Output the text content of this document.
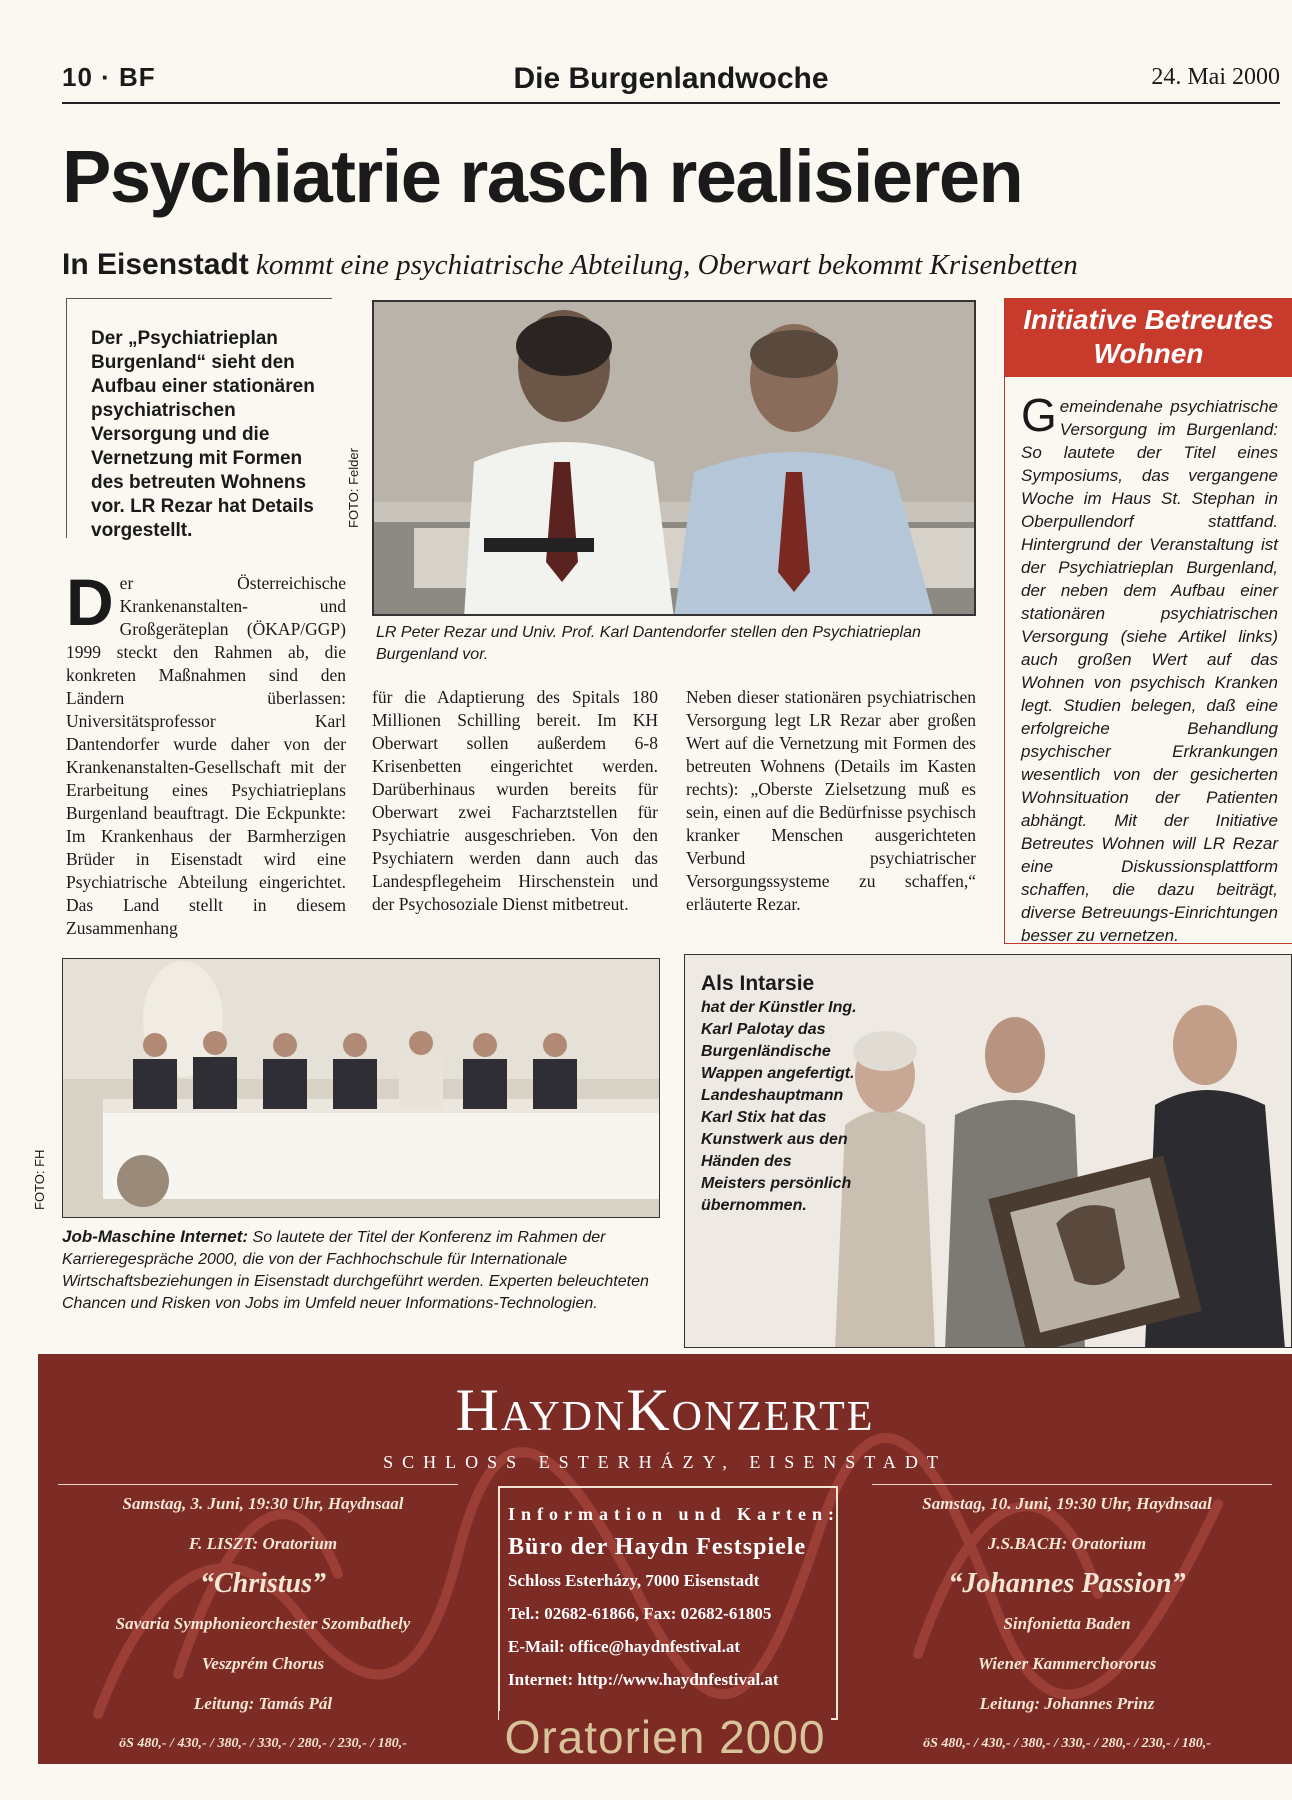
10 · BF	Die Burgenlandwoche	24. Mai 2000
Psychiatrie rasch realisieren
In Eisenstadt kommt eine psychiatrische Abteilung, Oberwart bekommt Krisenbetten
Der „Psychiatrieplan Burgenland“ sieht den Aufbau einer stationären psychiatrischen Versorgung und die Vernetzung mit Formen des betreuten Wohnens vor. LR Rezar hat Details vorgestellt.
FOTO: Felder
LR Peter Rezar und Univ. Prof. Karl Dantendorfer stellen den Psychiatrieplan Burgenland vor.
Der Österreichische Krankenanstalten- und Großgeräteplan (ÖKAP/GGP) 1999 steckt den Rahmen ab, die konkreten Maßnahmen sind den Ländern überlassen: Universitätsprofessor Karl Dantendorfer wurde daher von der Krankenanstalten-Gesellschaft mit der Erarbeitung eines Psychiatrieplans Burgenland beauftragt. Die Eckpunkte: Im Krankenhaus der Barmherzigen Brüder in Eisenstadt wird eine Psychiatrische Abteilung eingerichtet. Das Land stellt in diesem Zusammenhang
für die Adaptierung des Spitals 180 Millionen Schilling bereit. Im KH Oberwart sollen außerdem 6-8 Krisenbetten eingerichtet werden. Darüberhinaus wurden bereits für Oberwart zwei Facharztstellen für Psychiatrie ausgeschrieben. Von den Psychiatern werden dann auch das Landespflegeheim Hirschenstein und der Psychosoziale Dienst mitbetreut.
Neben dieser stationären psychiatrischen Versorgung legt LR Rezar aber großen Wert auf die Vernetzung mit Formen des betreuten Wohnens (Details im Kasten rechts): „Oberste Zielsetzung muß es sein, einen auf die Bedürfnisse psychisch kranker Menschen ausgerichteten Verbund psychiatrischer Versorgungssysteme zu schaffen,“ erläuterte Rezar.
Initiative Betreutes Wohnen
Gemeindenahe psychiatrische Versorgung im Burgenland: So lautete der Titel eines Symposiums, das vergangene Woche im Haus St. Stephan in Oberpullendorf stattfand. Hintergrund der Veranstaltung ist der Psychiatrieplan Burgenland, der neben dem Aufbau einer stationären psychiatrischen Versorgung (siehe Artikel links) auch großen Wert auf das Wohnen von psychisch Kranken legt. Studien belegen, daß eine erfolgreiche Behandlung psychischer Erkrankungen wesentlich von der gesicherten Wohnsituation der Patienten abhängt. Mit der Initiative Betreutes Wohnen will LR Rezar eine Diskussionsplattform schaffen, die dazu beiträgt, diverse Betreuungs-Einrichtungen besser zu vernetzen.
FOTO: FH
Job-Maschine Internet: So lautete der Titel der Konferenz im Rahmen der Karrieregespräche 2000, die von der Fachhochschule für Internationale Wirtschaftsbeziehungen in Eisenstadt durchgeführt werden. Experten beleuchteten Chancen und Risken von Jobs im Umfeld neuer Informations-Technologien.
Als Intarsie
hat der Künstler Ing. Karl Palotay das Burgenländische Wappen angefertigt. Landeshauptmann Karl Stix hat das Kunstwerk aus den Händen des Meisters persönlich übernommen.
HaydnKonzerte
SCHLOSS ESTERHÁZY, EISENSTADT
Samstag, 3. Juni, 19:30 Uhr, Haydnsaal
F. LISZT: Oratorium
“Christus”
Savaria Symphonieorchester Szombathely
Veszprém Chorus
Leitung: Tamás Pál
öS 480,- / 430,- / 380,- / 330,- / 280,- / 230,- / 180,-
Information und Karten:
Büro der Haydn Festspiele
Schloss Esterházy, 7000 Eisenstadt
Tel.: 02682-61866, Fax: 02682-61805
E-Mail: office@haydnfestival.at
Internet: http://www.haydnfestival.at
Samstag, 10. Juni, 19:30 Uhr, Haydnsaal
J.S.BACH: Oratorium
“Johannes Passion”
Sinfonietta Baden
Wiener Kammerchororus
Leitung: Johannes Prinz
öS 480,- / 430,- / 380,- / 330,- / 280,- / 230,- / 180,-
Oratorien 2000
